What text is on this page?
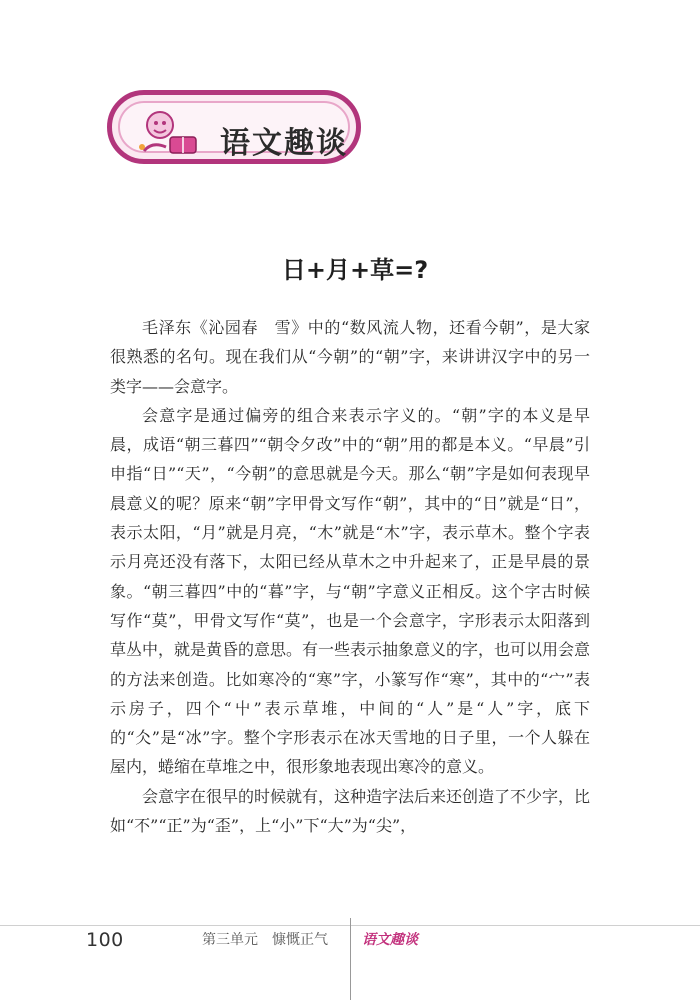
语文趣谈
日+月+草=?

毛泽东《沁园春　雪》中的“数风流人物，还看今朝”，是大家很熟悉的名句。现在我们从“今朝”的“朝”字，来讲讲汉字中的另一类字——会意字。

会意字是通过偏旁的组合来表示字义的。“朝”字的本义是早晨，成语“朝三暮四”“朝令夕改”中的“朝”用的都是本义。“早晨”引申指“日”“天”，“今朝”的意思就是今天。那么“朝”字是如何表现早晨意义的呢？原来“朝”字甲骨文写作“朝”，其中的“日”就是“日”，表示太阳，“月”就是月亮，“木”就是“木”字，表示草木。整个字表示月亮还没有落下，太阳已经从草木之中升起来了，正是早晨的景象。“朝三暮四”中的“暮”字，与“朝”字意义正相反。这个字古时候写作“莫”，甲骨文写作“莫”，也是一个会意字，字形表示太阳落到草丛中，就是黄昏的意思。有一些表示抽象意义的字，也可以用会意的方法来创造。比如寒冷的“寒”字，小篆写作“寒”，其中的“宀”表示房子，四个“屮”表示草堆，中间的“人”是“人”字，底下的“仌”是“冰”字。整个字形表示在冰天雪地的日子里，一个人躲在屋内，蜷缩在草堆之中，很形象地表现出寒冷的意义。

会意字在很早的时候就有，这种造字法后来还创造了不少字，比如“不”“正”为“歪”，上“小”下“大”为“尖”，

100	第三单元　慷慨正气 语文趣谈
